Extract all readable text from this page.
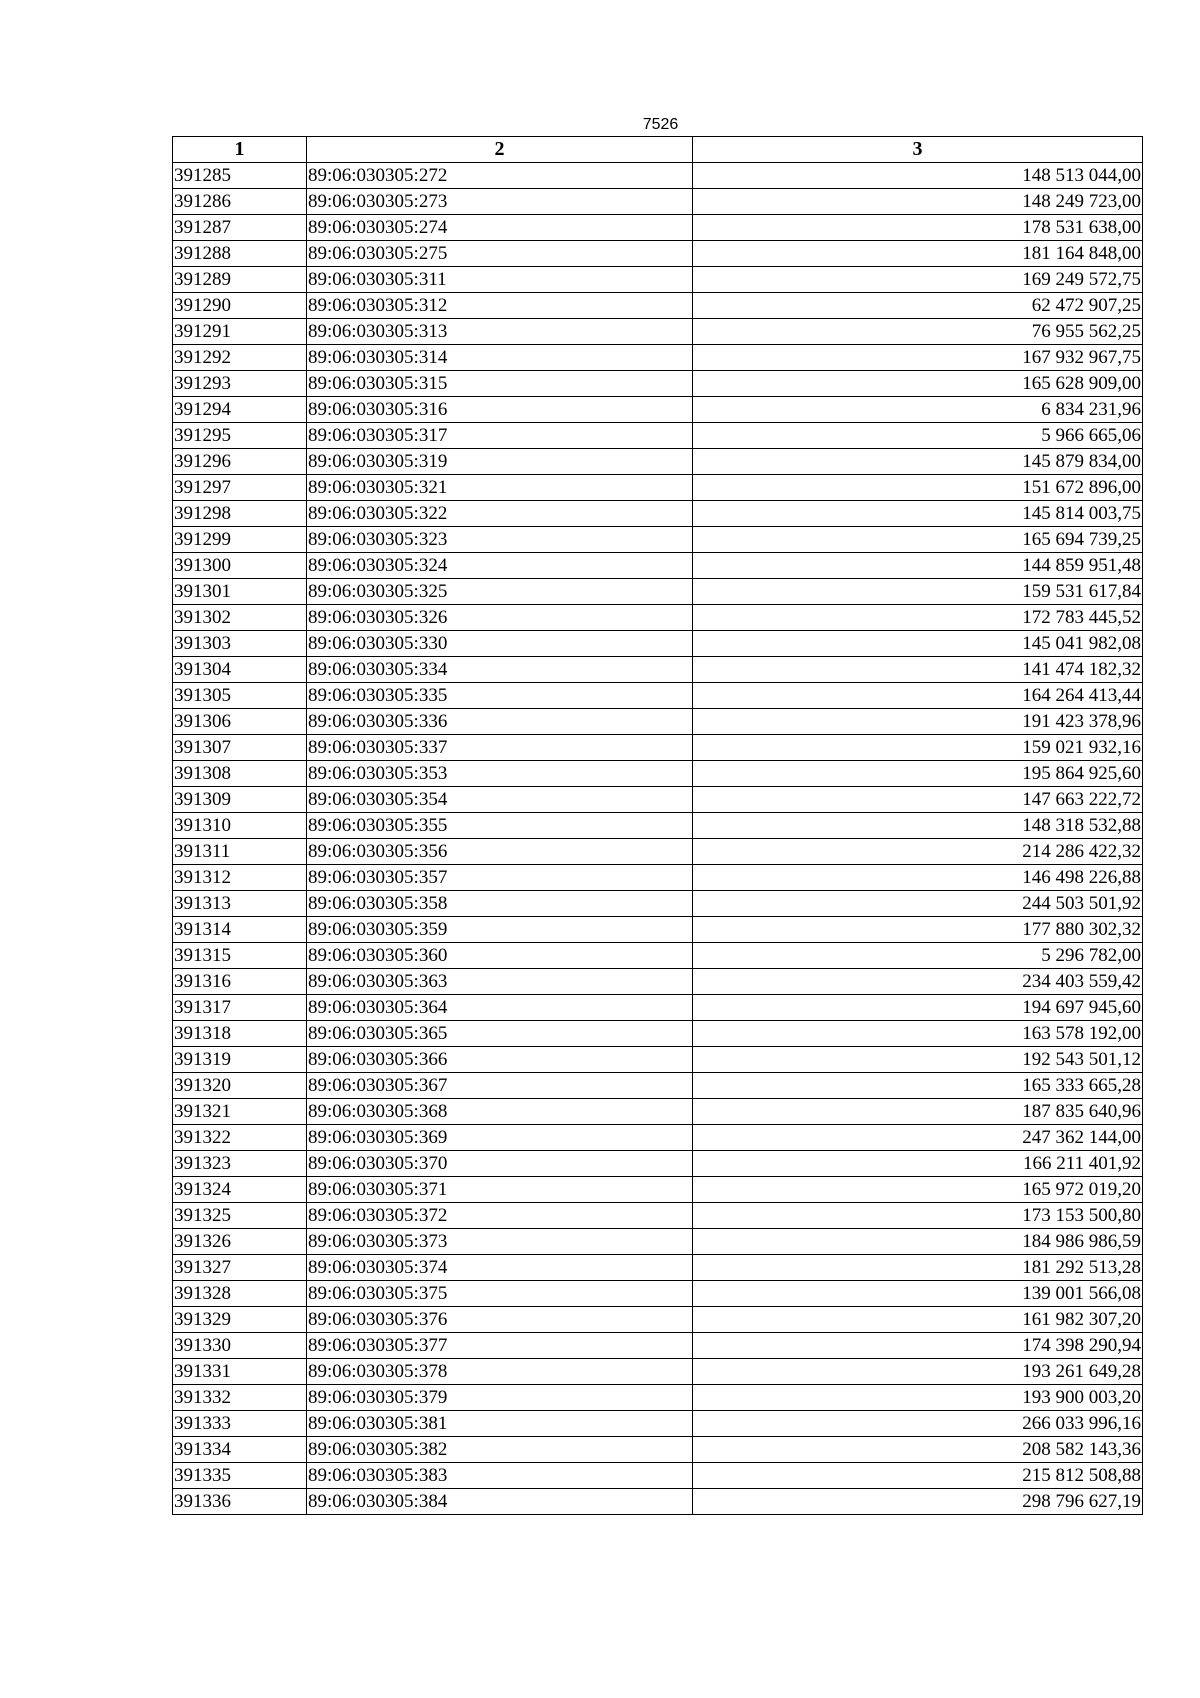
7526
1	2	3
391285	89:06:030305:272	148 513 044,00
391286	89:06:030305:273	148 249 723,00
391287	89:06:030305:274	178 531 638,00
391288	89:06:030305:275	181 164 848,00
391289	89:06:030305:311	169 249 572,75
391290	89:06:030305:312	62 472 907,25
391291	89:06:030305:313	76 955 562,25
391292	89:06:030305:314	167 932 967,75
391293	89:06:030305:315	165 628 909,00
391294	89:06:030305:316	6 834 231,96
391295	89:06:030305:317	5 966 665,06
391296	89:06:030305:319	145 879 834,00
391297	89:06:030305:321	151 672 896,00
391298	89:06:030305:322	145 814 003,75
391299	89:06:030305:323	165 694 739,25
391300	89:06:030305:324	144 859 951,48
391301	89:06:030305:325	159 531 617,84
391302	89:06:030305:326	172 783 445,52
391303	89:06:030305:330	145 041 982,08
391304	89:06:030305:334	141 474 182,32
391305	89:06:030305:335	164 264 413,44
391306	89:06:030305:336	191 423 378,96
391307	89:06:030305:337	159 021 932,16
391308	89:06:030305:353	195 864 925,60
391309	89:06:030305:354	147 663 222,72
391310	89:06:030305:355	148 318 532,88
391311	89:06:030305:356	214 286 422,32
391312	89:06:030305:357	146 498 226,88
391313	89:06:030305:358	244 503 501,92
391314	89:06:030305:359	177 880 302,32
391315	89:06:030305:360	5 296 782,00
391316	89:06:030305:363	234 403 559,42
391317	89:06:030305:364	194 697 945,60
391318	89:06:030305:365	163 578 192,00
391319	89:06:030305:366	192 543 501,12
391320	89:06:030305:367	165 333 665,28
391321	89:06:030305:368	187 835 640,96
391322	89:06:030305:369	247 362 144,00
391323	89:06:030305:370	166 211 401,92
391324	89:06:030305:371	165 972 019,20
391325	89:06:030305:372	173 153 500,80
391326	89:06:030305:373	184 986 986,59
391327	89:06:030305:374	181 292 513,28
391328	89:06:030305:375	139 001 566,08
391329	89:06:030305:376	161 982 307,20
391330	89:06:030305:377	174 398 290,94
391331	89:06:030305:378	193 261 649,28
391332	89:06:030305:379	193 900 003,20
391333	89:06:030305:381	266 033 996,16
391334	89:06:030305:382	208 582 143,36
391335	89:06:030305:383	215 812 508,88
391336	89:06:030305:384	298 796 627,19
